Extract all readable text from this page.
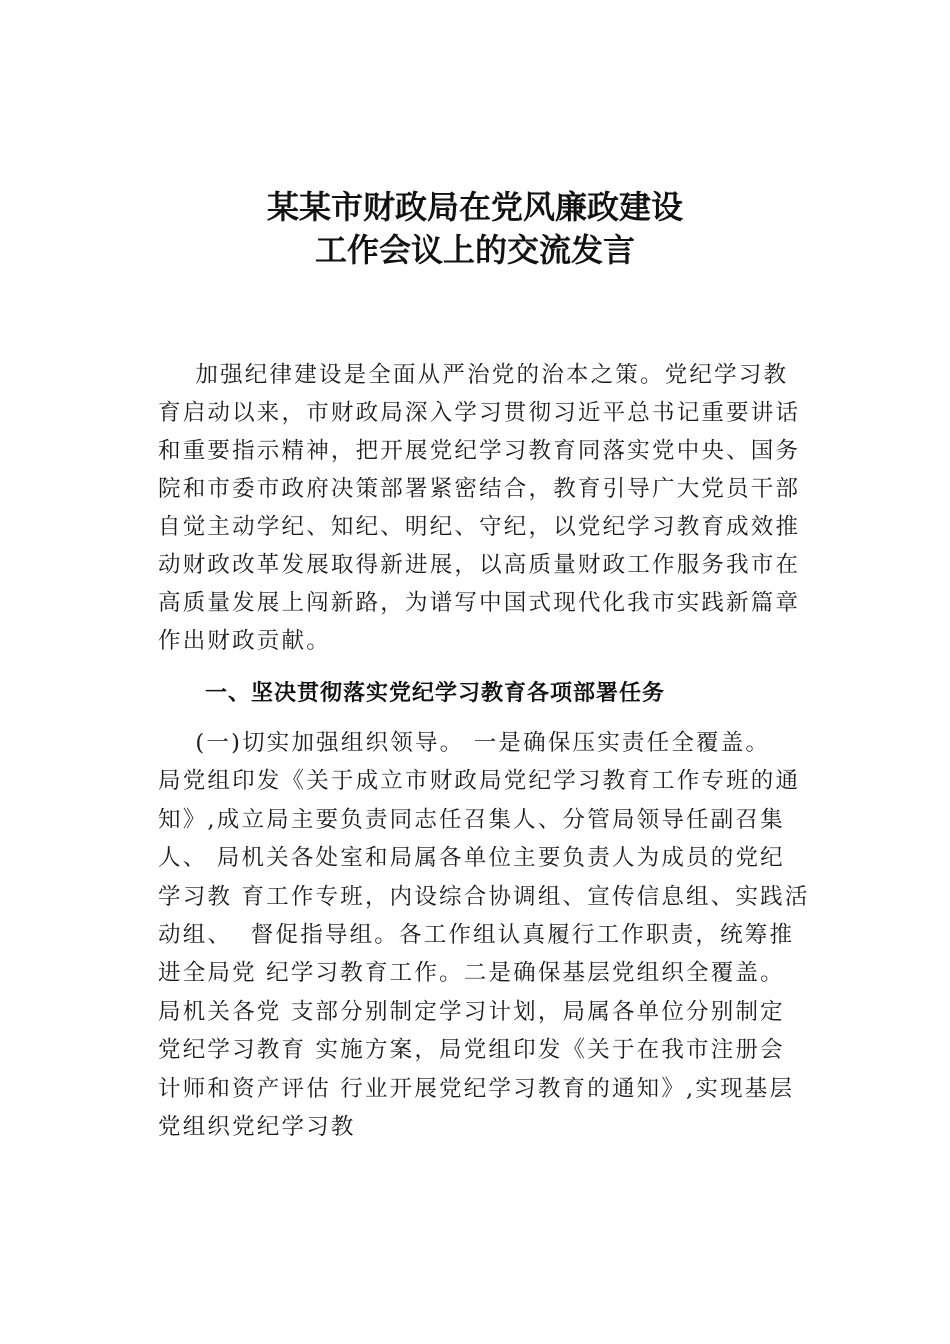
某某市财政局在党风廉政建设
工作会议上的交流发言
加强纪律建设是全面从严治党的治本之策。党纪学习教
育启动以来，市财政局深入学习贯彻习近平总书记重要讲话
和重要指示精神，把开展党纪学习教育同落实党中央、国务
院和市委市政府决策部署紧密结合，教育引导广大党员干部
自觉主动学纪、知纪、明纪、守纪，以党纪学习教育成效推
动财政改革发展取得新进展，以高质量财政工作服务我市在
高质量发展上闯新路，为谱写中国式现代化我市实践新篇章
作出财政贡献。
一、坚决贯彻落实党纪学习教育各项部署任务
(一)切实加强组织领导。 一是确保压实责任全覆盖。
局党组印发《关于成立市财政局党纪学习教育工作专班的通
知》,成立局主要负责同志任召集人、分管局领导任副召集
人、 局机关各处室和局属各单位主要负责人为成员的党纪
学习教 育工作专班，内设综合协调组、宣传信息组、实践活
动组、  督促指导组。各工作组认真履行工作职责，统筹推
进全局党 纪学习教育工作。二是确保基层党组织全覆盖。
局机关各党 支部分别制定学习计划，局属各单位分别制定
党纪学习教育 实施方案，局党组印发《关于在我市注册会
计师和资产评估 行业开展党纪学习教育的通知》,实现基层
党组织党纪学习教
